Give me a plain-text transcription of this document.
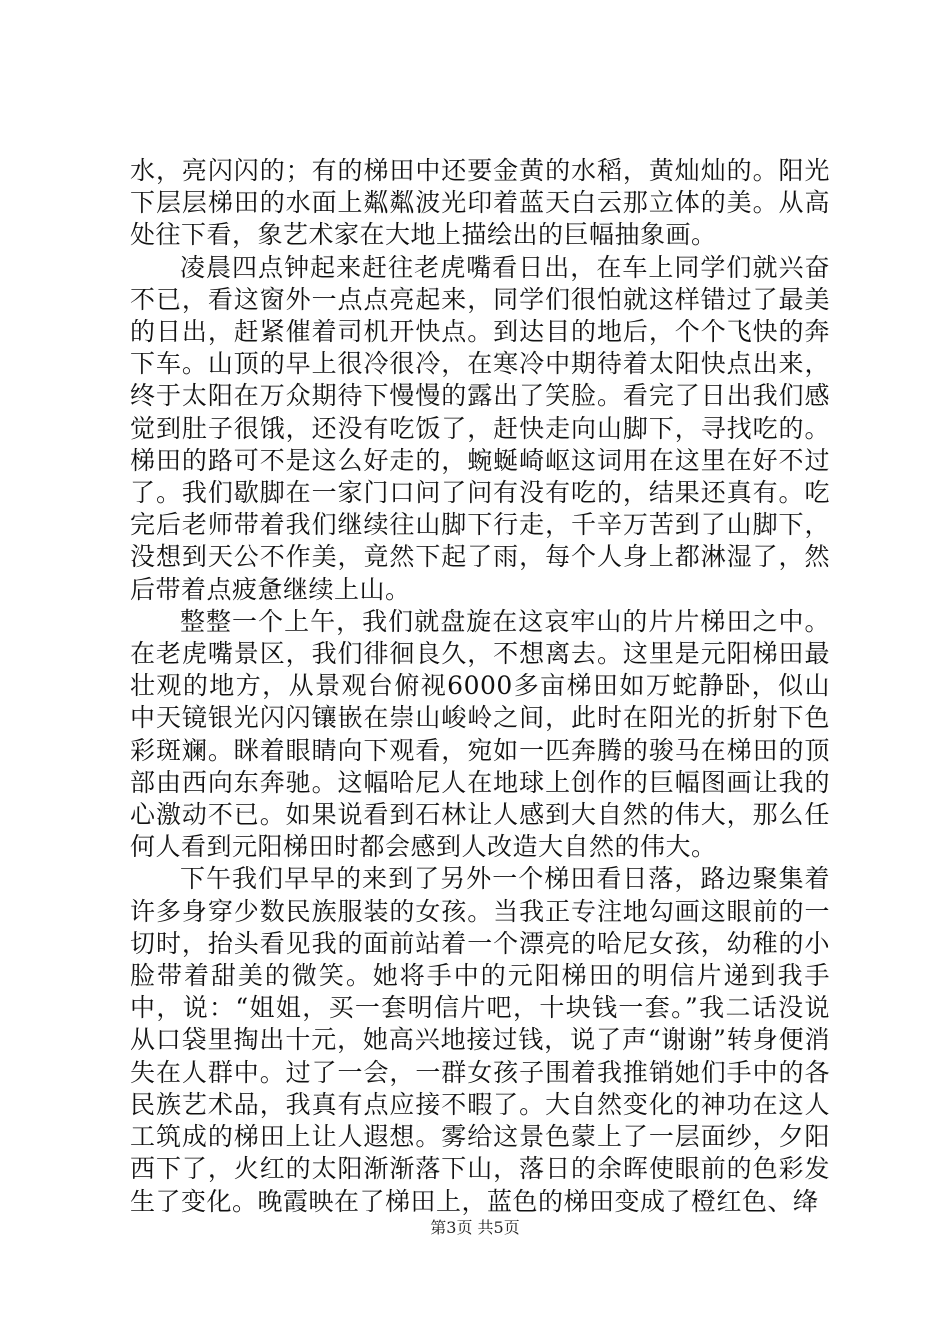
水，亮闪闪的；有的梯田中还要金黄的水稻，黄灿灿的。阳光下层层梯田的水面上粼粼波光印着蓝天白云那立体的美。从高处往下看，象艺术家在大地上描绘出的巨幅抽象画。

凌晨四点钟起来赶往老虎嘴看日出，在车上同学们就兴奋不已，看这窗外一点点亮起来，同学们很怕就这样错过了最美的日出，赶紧催着司机开快点。到达目的地后，个个飞快的奔下车。山顶的早上很冷很冷，在寒冷中期待着太阳快点出来，终于太阳在万众期待下慢慢的露出了笑脸。看完了日出我们感觉到肚子很饿，还没有吃饭了，赶快走向山脚下，寻找吃的。梯田的路可不是这么好走的，蜿蜒崎岖这词用在这里在好不过了。我们歇脚在一家门口问了问有没有吃的，结果还真有。吃完后老师带着我们继续往山脚下行走，千辛万苦到了山脚下，没想到天公不作美，竟然下起了雨，每个人身上都淋湿了，然后带着点疲惫继续上山。

整整一个上午，我们就盘旋在这哀牢山的片片梯田之中。在老虎嘴景区，我们徘徊良久，不想离去。这里是元阳梯田最壮观的地方，从景观台俯视6000多亩梯田如万蛇静卧，似山中天镜银光闪闪镶嵌在崇山峻岭之间，此时在阳光的折射下色彩斑斓。眯着眼睛向下观看，宛如一匹奔腾的骏马在梯田的顶部由西向东奔驰。这幅哈尼人在地球上创作的巨幅图画让我的心激动不已。如果说看到石林让人感到大自然的伟大，那么任何人看到元阳梯田时都会感到人改造大自然的伟大。

下午我们早早的来到了另外一个梯田看日落，路边聚集着许多身穿少数民族服装的女孩。当我正专注地勾画这眼前的一切时，抬头看见我的面前站着一个漂亮的哈尼女孩，幼稚的小脸带着甜美的微笑。她将手中的元阳梯田的明信片递到我手中，说：“姐姐，买一套明信片吧，十块钱一套。”我二话没说从口袋里掏出十元，她高兴地接过钱，说了声“谢谢”转身便消失在人群中。过了一会，一群女孩子围着我推销她们手中的各民族艺术品，我真有点应接不暇了。大自然变化的神功在这人工筑成的梯田上让人遐想。雾给这景色蒙上了一层面纱，夕阳西下了，火红的太阳渐渐落下山，落日的余晖使眼前的色彩发生了变化。晚霞映在了梯田上，蓝色的梯田变成了橙红色、绛

第3页 共5页
